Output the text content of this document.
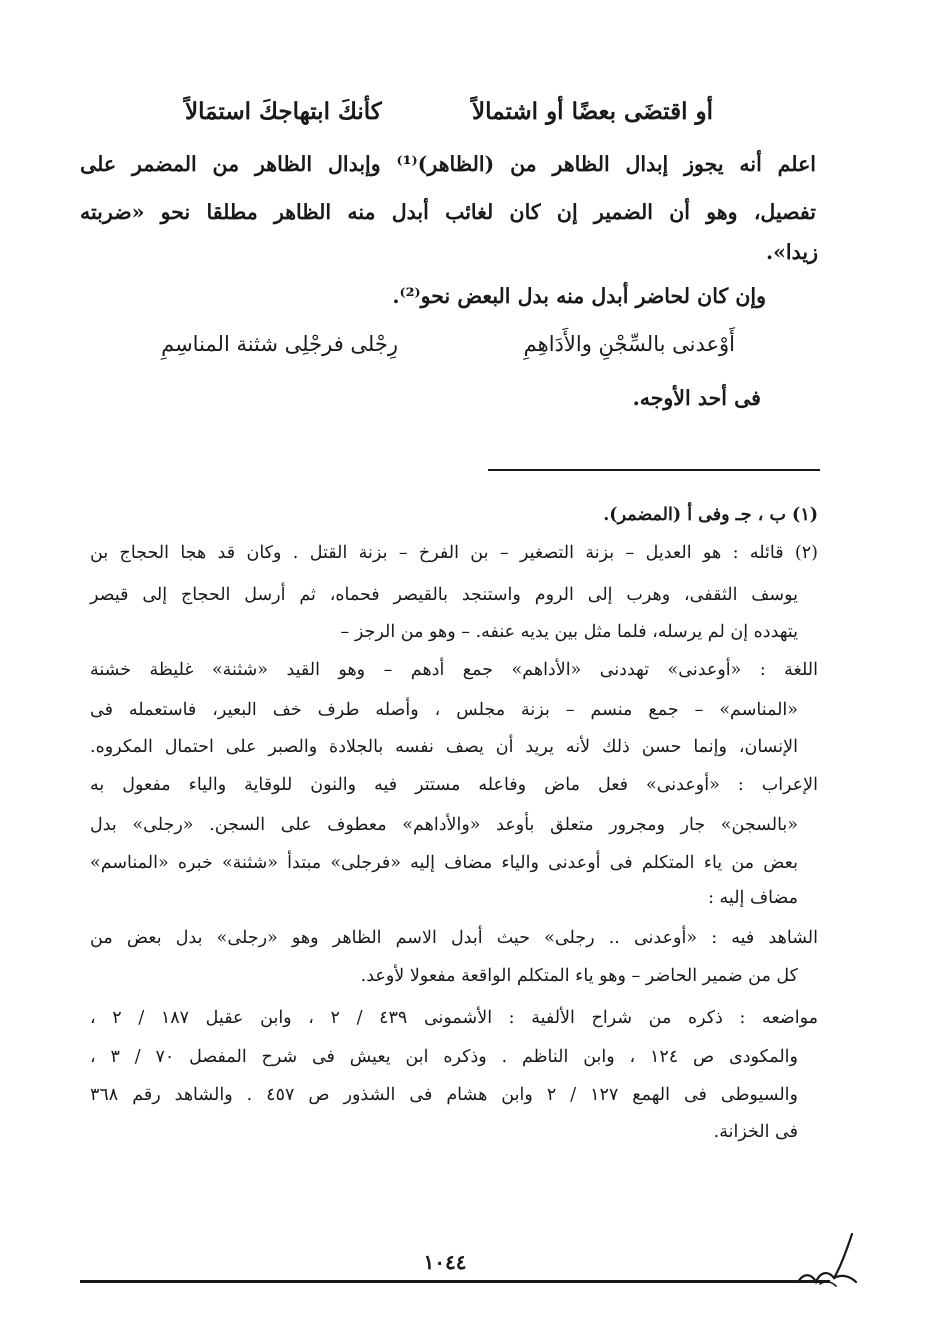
أو اقتضَى بعضًا أو اشتمالاً
كأنكَ ابتهاجكَ استمَالاً
اعلم أنه يجوز إبدال الظاهر من (الظاهر)⁽¹⁾ وإبدال الظاهر من المضمر على
تفصيل، وهو أن الضمير إن كان لغائب أبدل منه الظاهر مطلقا نحو «ضربته
زيدا».
وإن كان لحاضر أبدل منه بدل البعض نحو⁽²⁾.
أَوْعدنى بالسِّجْنِ والأَدَاهِمِ
رِجْلى فرجْلِى شثنة المناسِمِ
فى أحد الأوجه.
(١) ب ، جـ وفى أ (المضمر).
(٢) قائله : هو العديل – بزنة التصغير – بن الفرخ – بزنة القتل . وكان قد هجا الحجاج بن
يوسف الثقفى، وهرب إلى الروم واستنجد بالقيصر فحماه، ثم أرسل الحجاج إلى قيصر
يتهدده إن لم يرسله، فلما مثل بين يديه عنفه. – وهو من الرجز –
اللغة : «أوعدنى» تهددنى «الأداهم» جمع أدهم – وهو القيد «شثنة» غليظة خشنة
«المناسم» – جمع منسم – بزنة مجلس ، وأصله طرف خف البعير، فاستعمله فى
الإنسان، وإنما حسن ذلك لأنه يريد أن يصف نفسه بالجلادة والصبر على احتمال المكروه.
الإعراب : «أوعدنى» فعل ماض وفاعله مستتر فيه والنون للوقاية والياء مفعول به
«بالسجن» جار ومجرور متعلق بأوعد «والأداهم» معطوف على السجن. «رجلى» بدل
بعض من ياء المتكلم فى أوعدنى والياء مضاف إليه «فرجلى» مبتدأ «شثنة» خبره «المناسم»
مضاف إليه :
الشاهد فيه : «أوعدنى .. رجلى» حيث أبدل الاسم الظاهر وهو «رجلى» بدل بعض من
كل من ضمير الحاضر – وهو ياء المتكلم الواقعة مفعولا لأوعد.
مواضعه : ذكره من شراح الألفية : الأشمونى ٤٣٩ / ٢ ، وابن عقيل ١٨٧ / ٢ ،
والمكودى ص ١٢٤ ، وابن الناظم . وذكره ابن يعيش فى شرح المفصل ٧٠ / ٣ ،
والسيوطى فى الهمع ١٢٧ / ٢ وابن هشام فى الشذور ص ٤٥٧ . والشاهد رقم ٣٦٨
فى الخزانة.
١٠٤٤
